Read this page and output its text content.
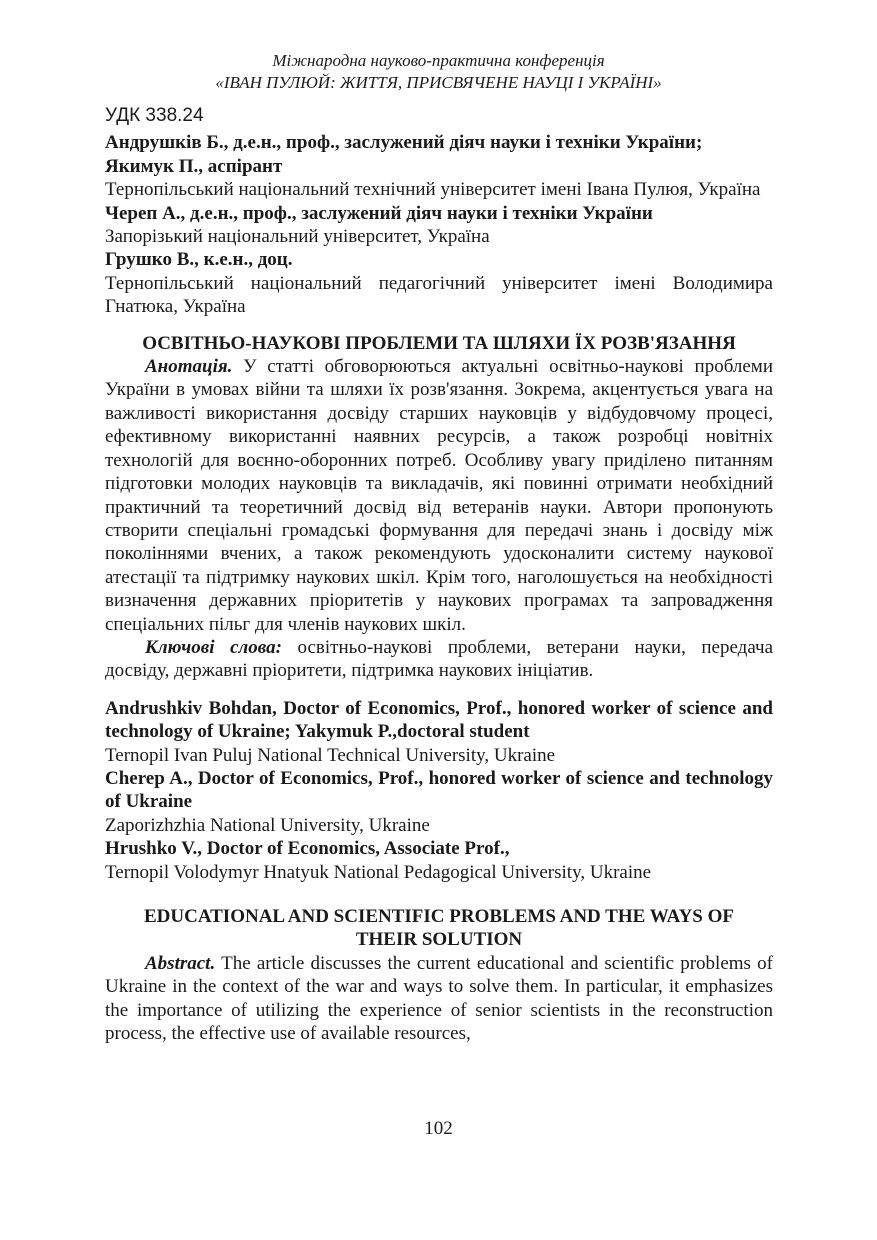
Міжнародна науково-практична конференція
«ІВАН ПУЛЮЙ: ЖИТТЯ, ПРИСВЯЧЕНЕ НАУЦІ І УКРАЇНІ»
УДК 338.24
Андрушків Б., д.е.н., проф., заслужений діяч науки і техніки України;
Якимук П., аспірант

Тернопільський національний технічний університет імені Івана Пулюя, Україна

Череп А., д.е.н., проф., заслужений діяч науки і техніки України

Запорізький національний університет, Україна

Грушко В., к.е.н., доц.

Тернопільський національний педагогічний університет імені Володимира Гнатюка, Україна

ОСВІТНЬО-НАУКОВІ ПРОБЛЕМИ ТА ШЛЯХИ ЇХ РОЗВ'ЯЗАННЯ

Анотація. У статті обговорюються актуальні освітньо-наукові проблеми України в умовах війни та шляхи їх розв'язання. Зокрема, акцентується увага на важливості використання досвіду старших науковців у відбудовчому процесі, ефективному використанні наявних ресурсів, а також розробці новітніх технологій для воєнно-оборонних потреб. Особливу увагу приділено питанням підготовки молодих науковців та викладачів, які повинні отримати необхідний практичний та теоретичний досвід від ветеранів науки. Автори пропонують створити спеціальні громадські формування для передачі знань і досвіду між поколіннями вчених, а також рекомендують удосконалити систему наукової атестації та підтримку наукових шкіл. Крім того, наголошується на необхідності визначення державних пріоритетів у наукових програмах та запровадження спеціальних пільг для членів наукових шкіл.

Ключові слова: освітньо-наукові проблеми, ветерани науки, передача досвіду, державні пріоритети, підтримка наукових ініціатив.

Andrushkiv Bohdan, Doctor of Economics, Prof., honored worker of science and technology of Ukraine; Yakymuk P.,doctoral student

Ternopil Ivan Puluj National Technical University, Ukraine

Cherep A., Doctor of Economics, Prof., honored worker of science and technology of Ukraine

Zaporizhzhia National University, Ukraine
Hrushko V., Doctor of Economics, Associate Prof.,
Ternopil Volodymyr Hnatyuk National Pedagogical University, Ukraine
EDUCATIONAL AND SCIENTIFIC PROBLEMS AND THE WAYS OF
THEIR SOLUTION

Abstract. The article discusses the current educational and scientific problems of Ukraine in the context of the war and ways to solve them. In particular, it emphasizes the importance of utilizing the experience of senior scientists in the reconstruction process, the effective use of available resources,

102
